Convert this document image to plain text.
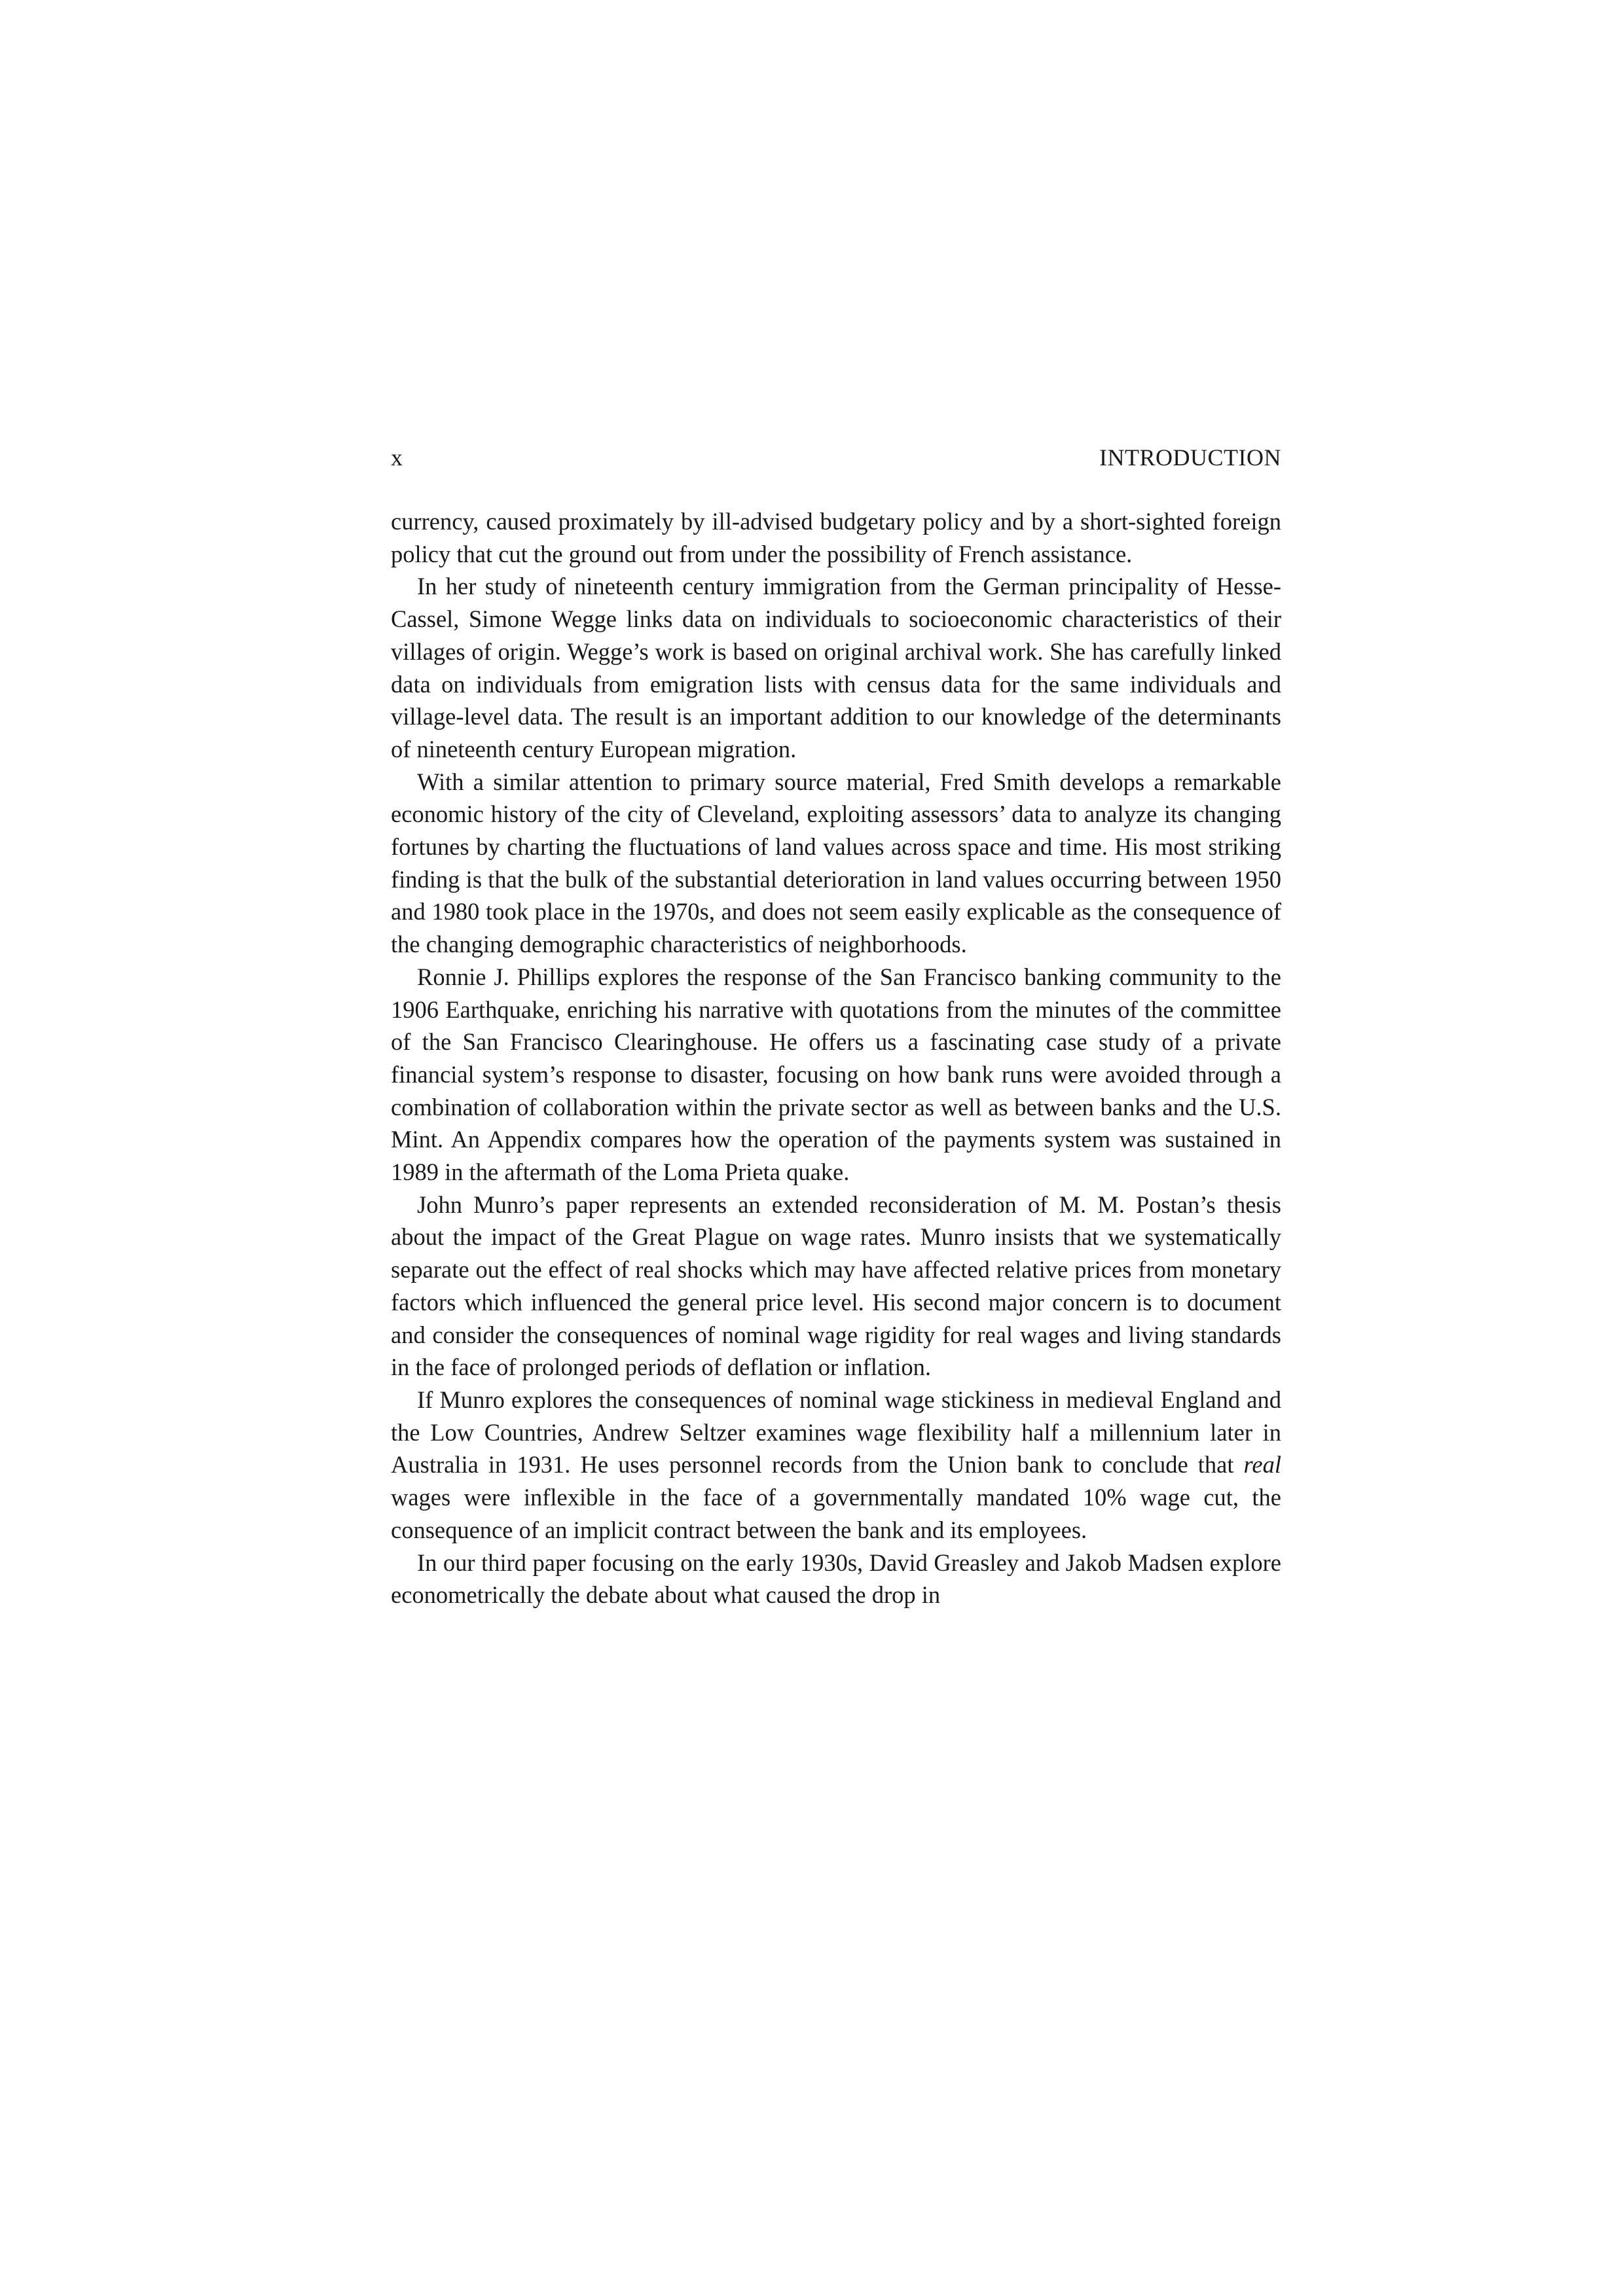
x	INTRODUCTION

currency, caused proximately by ill-advised budgetary policy and by a short-sighted foreign policy that cut the ground out from under the possibility of French assistance.

In her study of nineteenth century immigration from the German principality of Hesse-Cassel, Simone Wegge links data on individuals to socioeconomic characteristics of their villages of origin. Wegge’s work is based on original archival work. She has carefully linked data on individuals from emigration lists with census data for the same individuals and village-level data. The result is an important addition to our knowledge of the determinants of nineteenth century European migration.

With a similar attention to primary source material, Fred Smith develops a remarkable economic history of the city of Cleveland, exploiting assessors’ data to analyze its changing fortunes by charting the fluctuations of land values across space and time. His most striking finding is that the bulk of the substantial deterioration in land values occurring between 1950 and 1980 took place in the 1970s, and does not seem easily explicable as the consequence of the changing demographic characteristics of neighborhoods.

Ronnie J. Phillips explores the response of the San Francisco banking community to the 1906 Earthquake, enriching his narrative with quotations from the minutes of the committee of the San Francisco Clearinghouse. He offers us a fascinating case study of a private financial system’s response to disaster, focusing on how bank runs were avoided through a combination of collaboration within the private sector as well as between banks and the U.S. Mint. An Appendix compares how the operation of the payments system was sustained in 1989 in the aftermath of the Loma Prieta quake.

John Munro’s paper represents an extended reconsideration of M. M. Postan’s thesis about the impact of the Great Plague on wage rates. Munro insists that we systematically separate out the effect of real shocks which may have affected relative prices from monetary factors which influenced the general price level. His second major concern is to document and consider the consequences of nominal wage rigidity for real wages and living standards in the face of prolonged periods of deflation or inflation.

If Munro explores the consequences of nominal wage stickiness in medieval England and the Low Countries, Andrew Seltzer examines wage flexibility half a millennium later in Australia in 1931. He uses personnel records from the Union bank to conclude that real wages were inflexible in the face of a governmentally mandated 10% wage cut, the consequence of an implicit contract between the bank and its employees.

In our third paper focusing on the early 1930s, David Greasley and Jakob Madsen explore econometrically the debate about what caused the drop in
